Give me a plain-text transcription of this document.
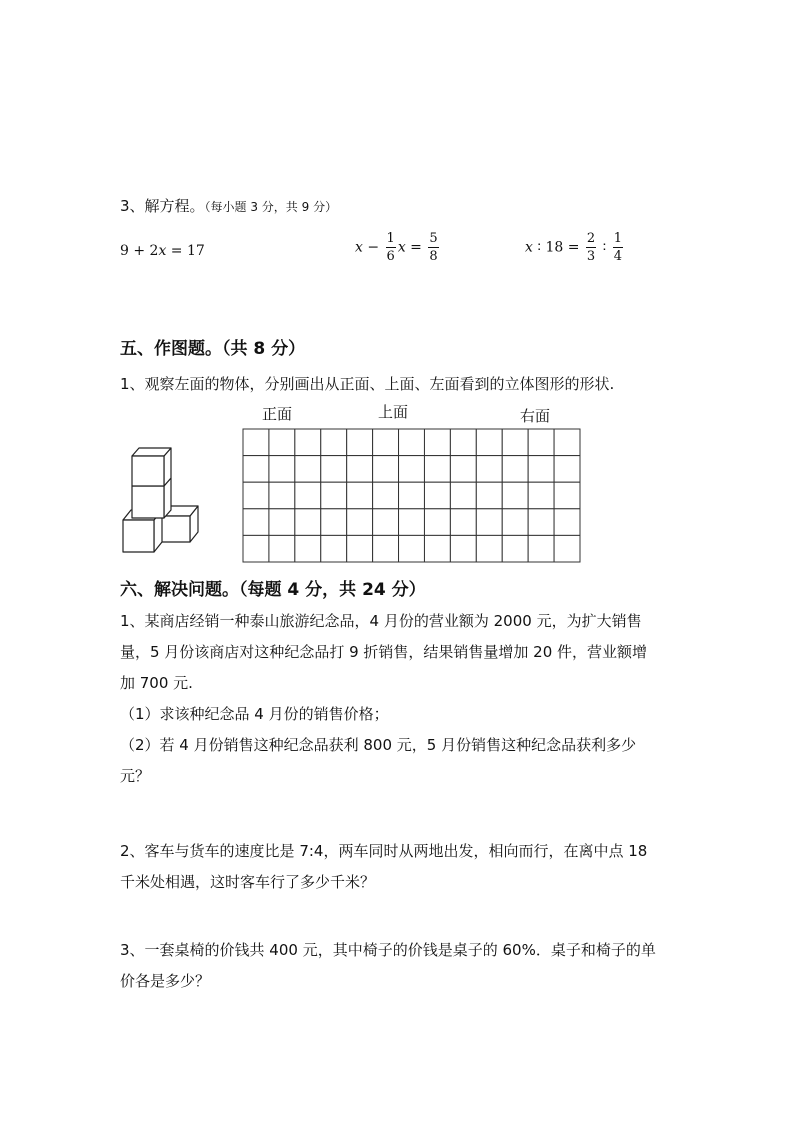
3、解方程。（每小题 3 分，共 9 分）
9 + 2x = 17	$x - \frac{1}{6}$ $x = \frac{5}{8}$	x ∶ $18 = \frac{2}{3}$ ∶ $\frac{1}{4}$
五、作图题。（共 8 分）
1、观察左面的物体，分别画出从正面、上面、左面看到的立体图形的形状.
正面	上面	右面
六、解决问题。（每题 4 分，共 24 分）
1、某商店经销一种泰山旅游纪念品，4 月份的营业额为 2000 元，为扩大销售
量，5 月份该商店对这种纪念品打 9 折销售，结果销售量增加 20 件，营业额增
加 700 元.
（1）求该种纪念品 4 月份的销售价格；
（2）若 4 月份销售这种纪念品获利 800 元，5 月份销售这种纪念品获利多少
元？
2、客车与货车的速度比是 7:4，两车同时从两地出发，相向而行，在离中点 18
千米处相遇，这时客车行了多少千米？
3、一套桌椅的价钱共 400 元，其中椅子的价钱是桌子的 60%．桌子和椅子的单
价各是多少？
